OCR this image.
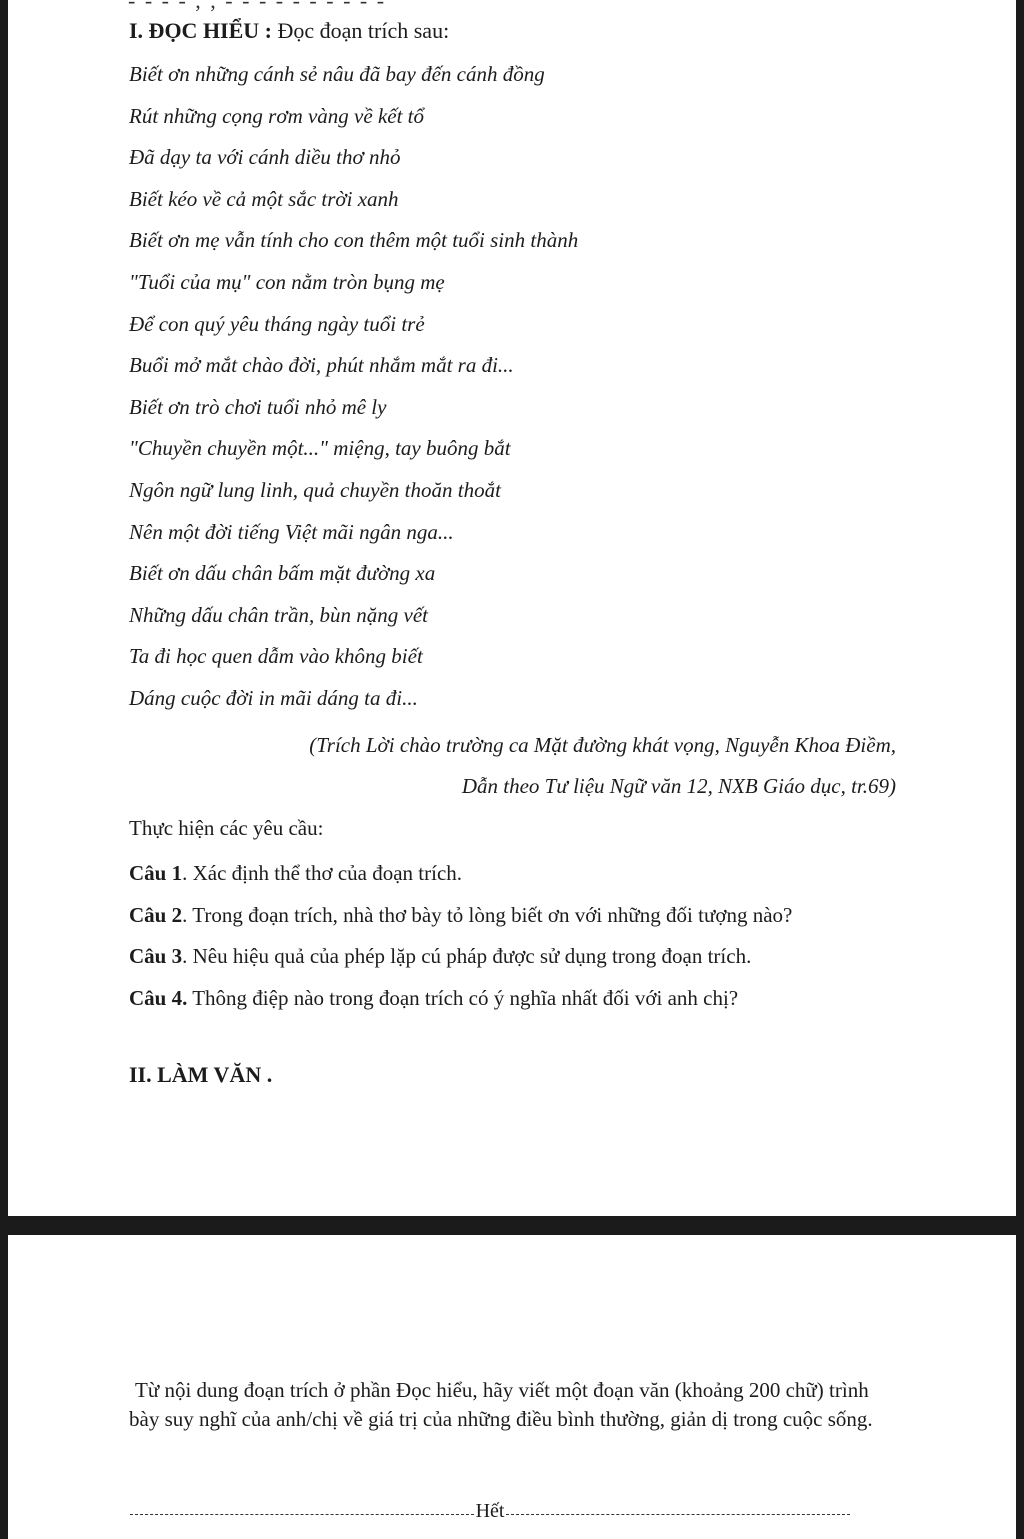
- - - - , , - - - - - - - - - -
I. ĐỌC HIỂU : Đọc đoạn trích sau:
Biết ơn những cánh sẻ nâu đã bay đến cánh đồng
Rút những cọng rơm vàng về kết tổ
Đã dạy ta với cánh diều thơ nhỏ
Biết kéo về cả một sắc trời xanh
Biết ơn mẹ vẫn tính cho con thêm một tuổi sinh thành
"Tuổi của mụ" con nằm tròn bụng mẹ
Để con quý yêu tháng ngày tuổi trẻ
Buổi mở mắt chào đời, phút nhắm mắt ra đi...
Biết ơn trò chơi tuổi nhỏ mê ly
"Chuyền chuyền một..." miệng, tay buông bắt
Ngôn ngữ lung linh, quả chuyền thoăn thoắt
Nên một đời tiếng Việt mãi ngân nga...
Biết ơn dấu chân bấm mặt đường xa
Những dấu chân trần, bùn nặng vết
Ta đi học quen dẫm vào không biết
Dáng cuộc đời in mãi dáng ta đi...
(Trích Lời chào trường ca Mặt đường khát vọng, Nguyễn Khoa Điềm,
Dẫn theo Tư liệu Ngữ văn 12, NXB Giáo dục, tr.69)
Thực hiện các yêu cầu:
Câu 1. Xác định thể thơ của đoạn trích.
Câu 2. Trong đoạn trích, nhà thơ bày tỏ lòng biết ơn với những đối tượng nào?
Câu 3. Nêu hiệu quả của phép lặp cú pháp được sử dụng trong đoạn trích.
Câu 4. Thông điệp nào trong đoạn trích có ý nghĩa nhất đối với anh chị?
II. LÀM VĂN .

Từ nội dung đoạn trích ở phần Đọc hiểu, hãy viết một đoạn văn (khoảng 200 chữ) trình bày suy nghĩ của anh/chị về giá trị của những điều bình thường, giản dị trong cuộc sống.

Hết
